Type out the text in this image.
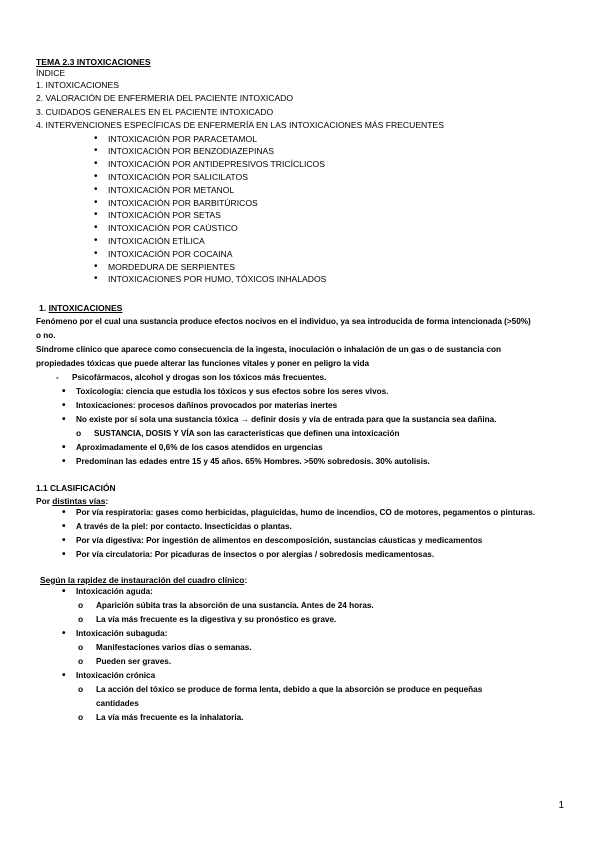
TEMA 2.3 INTOXICACIONES
ÍNDICE
1. INTOXICACIONES
2. VALORACIÓN DE ENFERMERIA DEL PACIENTE INTOXICADO
3. CUIDADOS GENERALES EN EL PACIENTE INTOXICADO
4. INTERVENCIONES ESPECÍFICAS DE ENFERMERÍA EN LAS INTOXICACIONES MÁS FRECUENTES
• INTOXICACIÓN POR PARACETAMOL
• INTOXICACIÓN POR BENZODIAZEPINAS
• INTOXICACIÓN POR ANTIDEPRESIVOS TRICÍCLICOS
• INTOXICACIÓN POR SALICILATOS
• INTOXICACIÓN POR METANOL
• INTOXICACIÓN POR BARBITÚRICOS
• INTOXICACIÓN POR SETAS
• INTOXICACIÓN POR CAÚSTICO
• INTOXICACIÓN ETÍLICA
• INTOXICACIÓN POR COCAINA
• MORDEDURA DE SERPIENTES
• INTOXICACIONES POR HUMO, TÓXICOS INHALADOS
1. INTOXICACIONES
Fenómeno por el cual una sustancia produce efectos nocivos en el individuo, ya sea introducida de forma intencionada (>50%)
o no.
Síndrome clínico que aparece como consecuencia de la ingesta, inoculación o inhalación de un gas o de sustancia con
propiedades tóxicas que puede alterar las funciones vitales y poner en peligro la vida
- Psicofármacos, alcohol y drogas son los tóxicos más frecuentes.
• Toxicología: ciencia que estudia los tóxicos y sus efectos sobre los seres vivos.
• Intoxicaciones: procesos dañinos provocados por materias inertes
• No existe por sí sola una sustancia tóxica → definir dosis y vía de entrada para que la sustancia sea dañina.
o SUSTANCIA, DOSIS Y VÍA son las características que definen una intoxicación
• Aproximadamente el 0,6% de los casos atendidos en urgencias
• Predominan las edades entre 15 y 45 años. 65% Hombres. >50% sobredosis. 30% autolisis.
1.1 CLASIFICACIÓN
Por distintas vías:
• Por vía respiratoria: gases como herbicidas, plaguicidas, humo de incendios, CO de motores, pegamentos o pinturas.
• A través de la piel: por contacto. Insecticidas o plantas.
• Por vía digestiva: Por ingestión de alimentos en descomposición, sustancias cáusticas y medicamentos
• Por vía circulatoria: Por picaduras de insectos o por alergias / sobredosis medicamentosas.
Según la rapidez de instauración del cuadro clínico:
• Intoxicación aguda:
o Aparición súbita tras la absorción de una sustancia. Antes de 24 horas.
o La vía más frecuente es la digestiva y su pronóstico es grave.
• Intoxicación subaguda:
o Manifestaciones varios días o semanas.
o Pueden ser graves.
• Intoxicación crónica
o La acción del tóxico se produce de forma lenta, debido a que la absorción se produce en pequeñas cantidades
o La vía más frecuente es la inhalatoria.
1
